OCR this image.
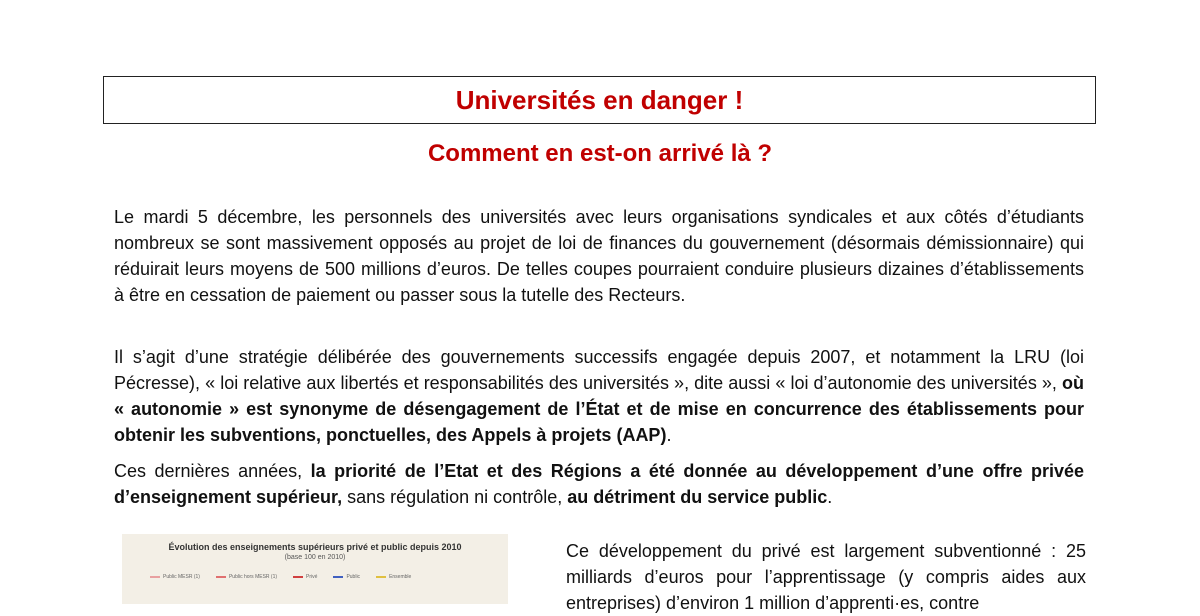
Universités en danger !
Comment en est-on arrivé là ?

Le mardi 5 décembre, les personnels des universités avec leurs organisations syndicales et aux côtés d’étudiants nombreux se sont massivement opposés au projet de loi de finances du gouvernement (désormais démissionnaire) qui réduirait leurs moyens de 500 millions d’euros. De telles coupes pourraient conduire plusieurs dizaines d’établissements à être en cessation de paiement ou passer sous la tutelle des Recteurs.

Il s’agit d’une stratégie délibérée des gouvernements successifs engagée depuis 2007, et notamment la LRU (loi Pécresse), « loi relative aux libertés et responsabilités des universités », dite aussi « loi d’autonomie des universités », où « autonomie » est synonyme de désengagement de l’État et de mise en concurrence des établissements pour obtenir les subventions, ponctuelles, des Appels à projets (AAP).

Ces dernières années, la priorité de l’Etat et des Régions a été donnée au développement d’une offre privée d’enseignement supérieur, sans régulation ni contrôle, au détriment du service public.

Évolution des enseignements supérieurs privé et public depuis 2010
(base 100 en 2010)
Public MESR (1)	Public hors MESR (1)	Privé	Public	Ensemble

Ce développement du privé est largement subventionné : 25 milliards d’euros pour l’apprentissage (y compris aides aux entreprises) d’environ 1 million d’apprenti·es, contre
